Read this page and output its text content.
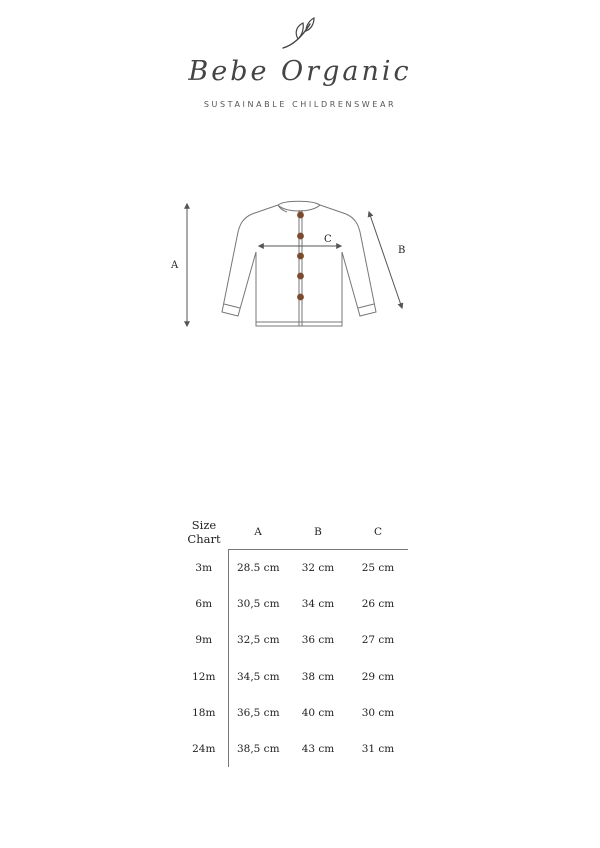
Bebe Organic
SUSTAINABLE CHILDRENSWEAR
A
C
B
Size
Chart	A	B	C
3m	28.5 cm	32 cm	25 cm
6m	30,5 cm	34 cm	26 cm
9m	32,5 cm	36 cm	27 cm
12m	34,5 cm	38 cm	29 cm
18m	36,5 cm	40 cm	30 cm
24m	38,5 cm	43 cm	31 cm
